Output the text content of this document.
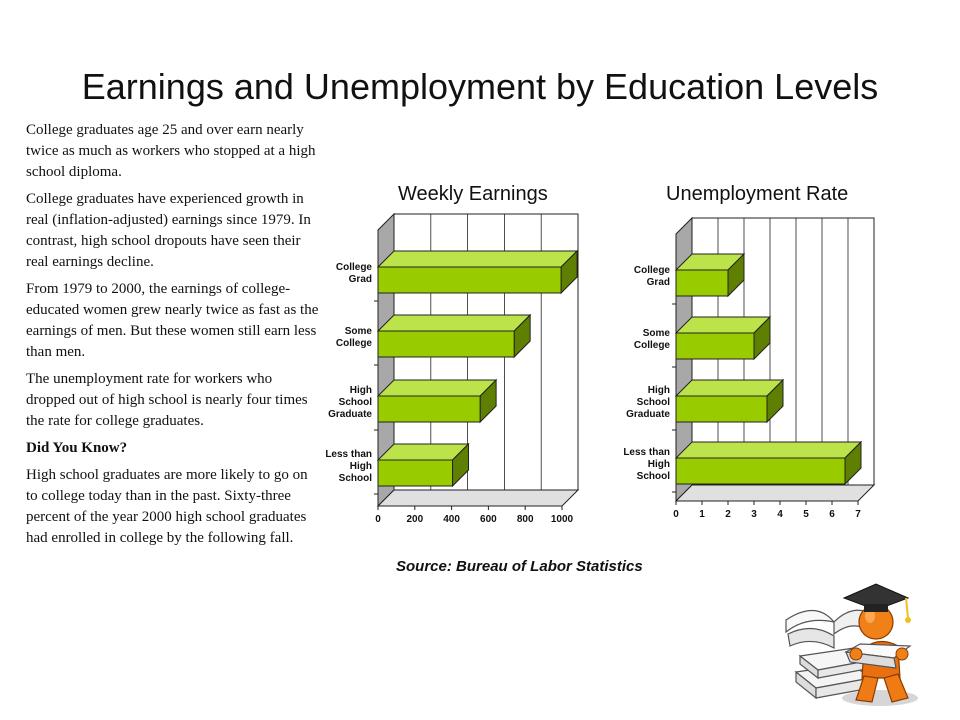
Earnings and Unemployment by Education Levels

College graduates age 25 and over earn nearly twice as much as workers who stopped at a high school diploma.

College graduates have experienced growth in real (inflation-adjusted) earnings since 1979. In contrast, high school dropouts have seen their real earnings decline.

From 1979 to 2000, the earnings of college-educated women grew nearly twice as fast as the earnings of men. But these women still earn less than men.

The unemployment rate for workers who dropped out of high school is nearly four times the rate for college graduates.

Did You Know?

High school graduates are more likely to go on to college today than in the past. Sixty-three percent of the year 2000 high school graduates had enrolled in college by the following fall.

Weekly Earnings	Unemployment Rate
0	200 400 600 800 1000
College
Grad
Some
College
High
School
Graduate
Less than
High
School
0 1 2 3 4 5 6 7
College
Grad
Some
College
High
School
Graduate
Less than
High
School
Source: Bureau of Labor Statistics
